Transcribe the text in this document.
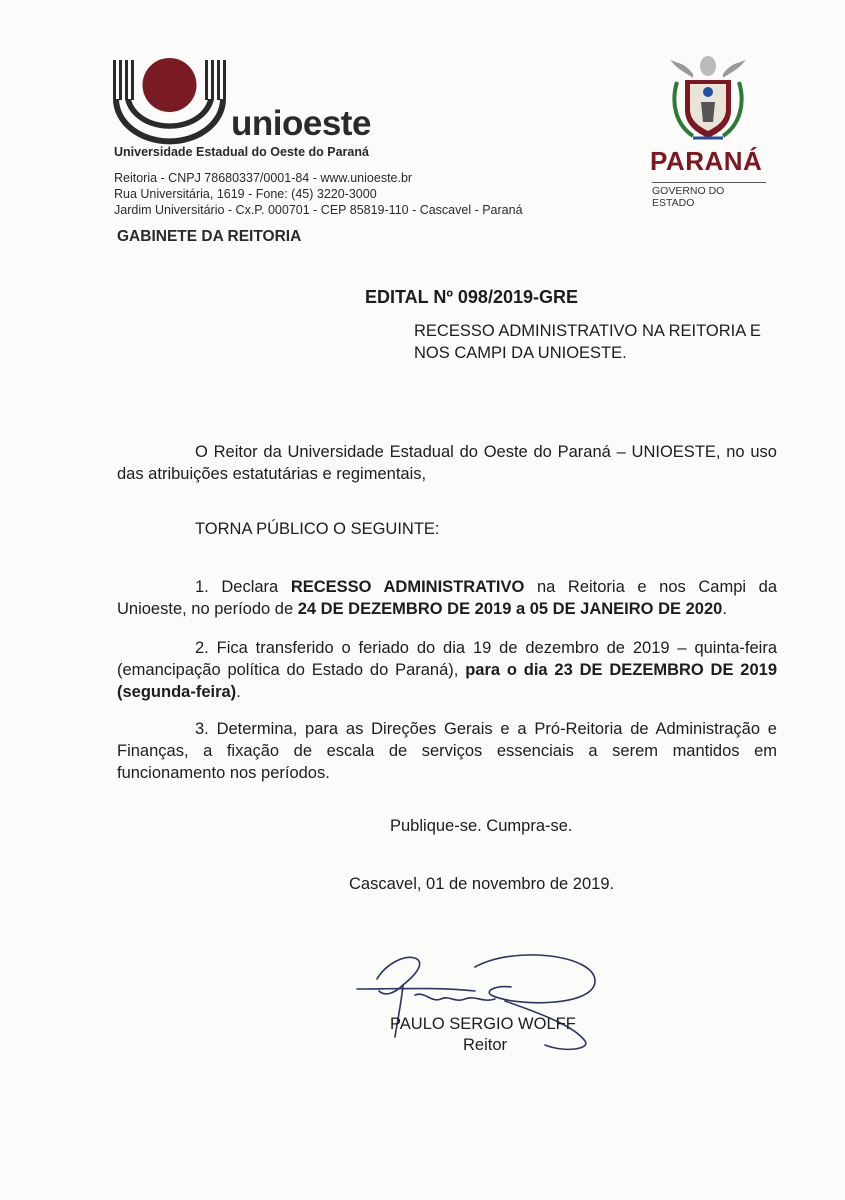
unioeste
Universidade Estadual do Oeste do Paraná
Reitoria - CNPJ 78680337/0001-84 - www.unioeste.br
Rua Universitária, 1619 - Fone: (45) 3220-3000
Jardim Universitário - Cx.P. 000701 - CEP 85819-110 - Cascavel - Paraná
GABINETE DA REITORIA
PARANÁ
GOVERNO DO ESTADO
EDITAL Nº 098/2019-GRE
RECESSO ADMINISTRATIVO NA REITORIA E
NOS CAMPI DA UNIOESTE.
O Reitor da Universidade Estadual do Oeste do Paraná – UNIOESTE, no uso das atribuições estatutárias e regimentais,
TORNA PÚBLICO O SEGUINTE:
1. Declara RECESSO ADMINISTRATIVO na Reitoria e nos Campi da Unioeste, no período de 24 DE DEZEMBRO DE 2019 a 05 DE JANEIRO DE 2020.
2. Fica transferido o feriado do dia 19 de dezembro de 2019 – quinta-feira (emancipação política do Estado do Paraná), para o dia 23 DE DEZEMBRO DE 2019 (segunda-feira).
3. Determina, para as Direções Gerais e a Pró-Reitoria de Administração e Finanças, a fixação de escala de serviços essenciais a serem mantidos em funcionamento nos períodos.
Publique-se. Cumpra-se.
Cascavel, 01 de novembro de 2019.
PAULO SERGIO WOLFF
Reitor
